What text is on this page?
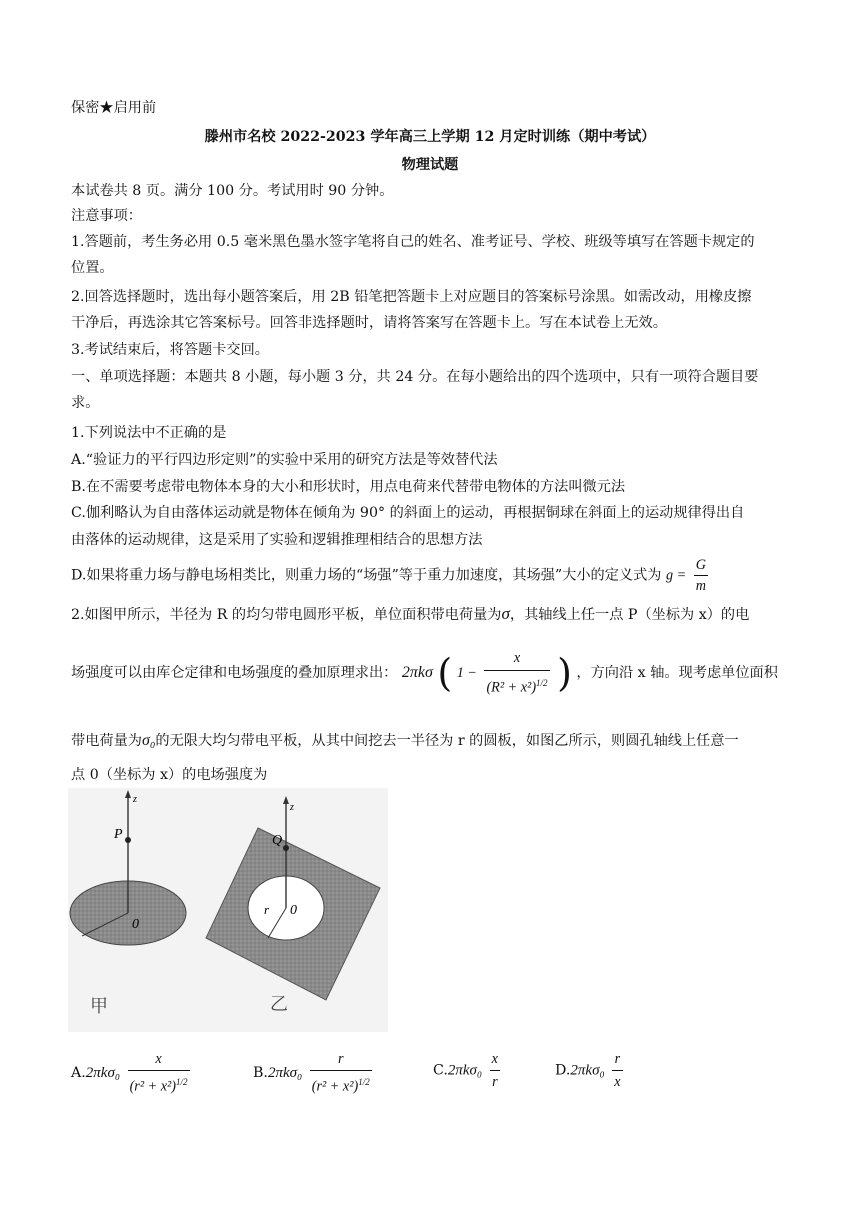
保密★启用前
滕州市名校 2022-2023 学年高三上学期 12 月定时训练（期中考试）
物理试题
本试卷共 8 页。满分 100 分。考试用时 90 分钟。
注意事项：
1.答题前，考生务必用 0.5 毫米黑色墨水签字笔将自己的姓名、准考证号、学校、班级等填写在答题卡规定的
位置。
2.回答选择题时，选出每小题答案后，用 2B 铅笔把答题卡上对应题目的答案标号涂黑。如需改动，用橡皮擦
干净后，再选涂其它答案标号。回答非选择题时，请将答案写在答题卡上。写在本试卷上无效。
3.考试结束后，将答题卡交回。
一、单项选择题：本题共 8 小题，每小题 3 分，共 24 分。在每小题给出的四个选项中，只有一项符合题目要
求。
1.下列说法中不正确的是
A.“验证力的平行四边形定则”的实验中采用的研究方法是等效替代法
B.在不需要考虑带电物体本身的大小和形状时，用点电荷来代替带电物体的方法叫微元法
C.伽利略认为自由落体运动就是物体在倾角为 90° 的斜面上的运动，再根据铜球在斜面上的运动规律得出自
由落体的运动规律，这是采用了实验和逻辑推理相结合的思想方法
D.如果将重力场与静电场相类比，则重力场的“场强”等于重力加速度，其场强”大小的定义式为 $g = \frac{G}{m}$
2.如图甲所示，半径为 R 的均匀带电圆形平板，单位面积带电荷量为σ，其轴线上任一点 P（坐标为 x）的电
场强度可以由库仑定律和电场强度的叠加原理求出： 2πkσ ( $1 - \frac{x}{(R^2 + x^2)^{1/2}}$ ) ，方向沿 x 轴。现考虑单位面积
带电荷量为σ₀的无限大均匀带电平板，从其中间挖去一半径为 r 的圆板，如图乙所示，则圆孔轴线上任意一
点 0（坐标为 x）的电场强度为
z
P
0
甲
z
Q
r 0
乙
$A.2\pi k\sigma_0 \frac{x}{(r^2 + x^2)^{1/2}}$	$B.2\pi k\sigma_0 \frac{r}{(r^2 + x^2)^{1/2}}$	$C.2\pi k\sigma_0 \frac{x}{r}$	$D.2\pi k\sigma_0 \frac{r}{x}$
